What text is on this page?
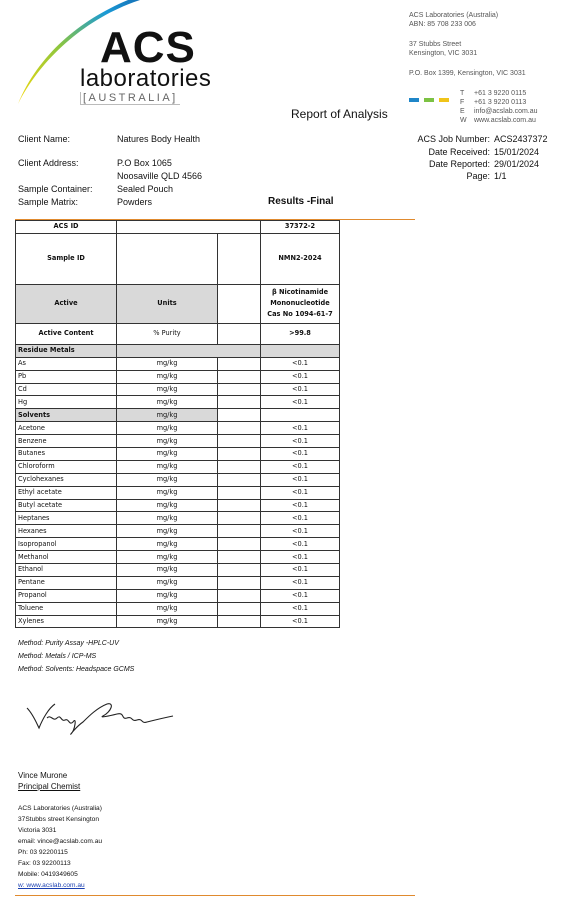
ACS
laboratories
[AUSTRALIA]
ACS Laboratories (Australia)
ABN: 85 708 233 006
37 Stubbs Street
Kensington, VIC 3031
P.O. Box 1399, Kensington, VIC 3031
T +61 3 9220 0115
F +61 3 9220 0113
E info@acslab.com.au
W www.acslab.com.au
Report of Analysis
Client Name:	Natures Body Health
Client Address:	P.O Box 1065
Noosaville QLD 4566
Sample Container:	Sealed Pouch
Sample Matrix:	Powders
ACS Job Number: ACS2437372
Date Received: 15/01/2024
Date Reported: 29/01/2024
Page: 1/1
Results -Final
ACS ID			37372-2
Sample ID			NMN2-2024
Active	Units		β Nicotinamide
Mononucleotide
Cas No 1094-61-7

Active Content	% Purity		>99.8
Residue Metals			
As	mg/kg		<0.1
Pb	mg/kg		<0.1
Cd	mg/kg		<0.1
Hg	mg/kg		<0.1
Solvents	mg/kg		
Acetone	mg/kg		<0.1
Benzene	mg/kg		<0.1
Butanes	mg/kg		<0.1
Chloroform	mg/kg		<0.1
Cyclohexanes	mg/kg		<0.1
Ethyl acetate	mg/kg		<0.1
Butyl acetate	mg/kg		<0.1
Heptanes	mg/kg		<0.1
Hexanes	mg/kg		<0.1
Isopropanol	mg/kg		<0.1
Methanol	mg/kg		<0.1
Ethanol	mg/kg		<0.1
Pentane	mg/kg		<0.1
Propanol	mg/kg		<0.1
Toluene	mg/kg		<0.1
Xylenes	mg/kg		<0.1
Method: Purity Assay -HPLC-UV
Method: Metals / ICP-MS
Method: Solvents: Headspace GCMS
Vince Murone
Principal Chemist
ACS Laboratories (Australia)
37Stubbs street Kensington
Victoria 3031
email: vince@acslab.com.au
Ph: 03 92200115
Fax: 03 92200113
Mobile: 0419349605
w: www.acslab.com.au
